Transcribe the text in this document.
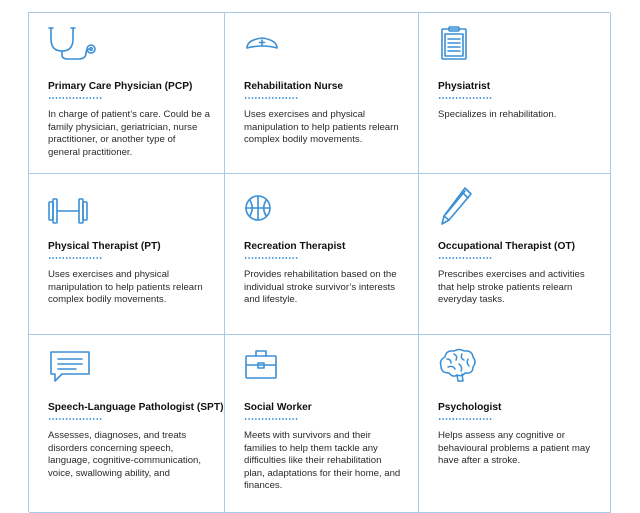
Primary Care Physician (PCP)
In charge of patient’s care. Could be a family physician, geriatrician, nurse practitioner, or another type of general practitioner.
Rehabilitation Nurse
Uses exercises and physical manipulation to help patients relearn complex bodily movements.
Physiatrist
Specializes in rehabilitation.
Physical Therapist (PT)
Uses exercises and physical manipulation to help patients relearn complex bodily movements.
Recreation Therapist
Provides rehabilitation based on the individual stroke survivor’s interests and lifestyle.
Occupational Therapist (OT)
Prescribes exercises and activities that help stroke patients relearn everyday tasks.
Speech-Language Pathologist (SPT)
Assesses, diagnoses, and treats disorders concerning speech, language, cognitive-communication, voice, swallowing ability, and
Social Worker
Meets with survivors and their families to help them tackle any difficulties like their rehabilitation plan, adaptations for their home, and finances.
Psychologist
Helps assess any cognitive or behavioural problems a patient may have after a stroke.
